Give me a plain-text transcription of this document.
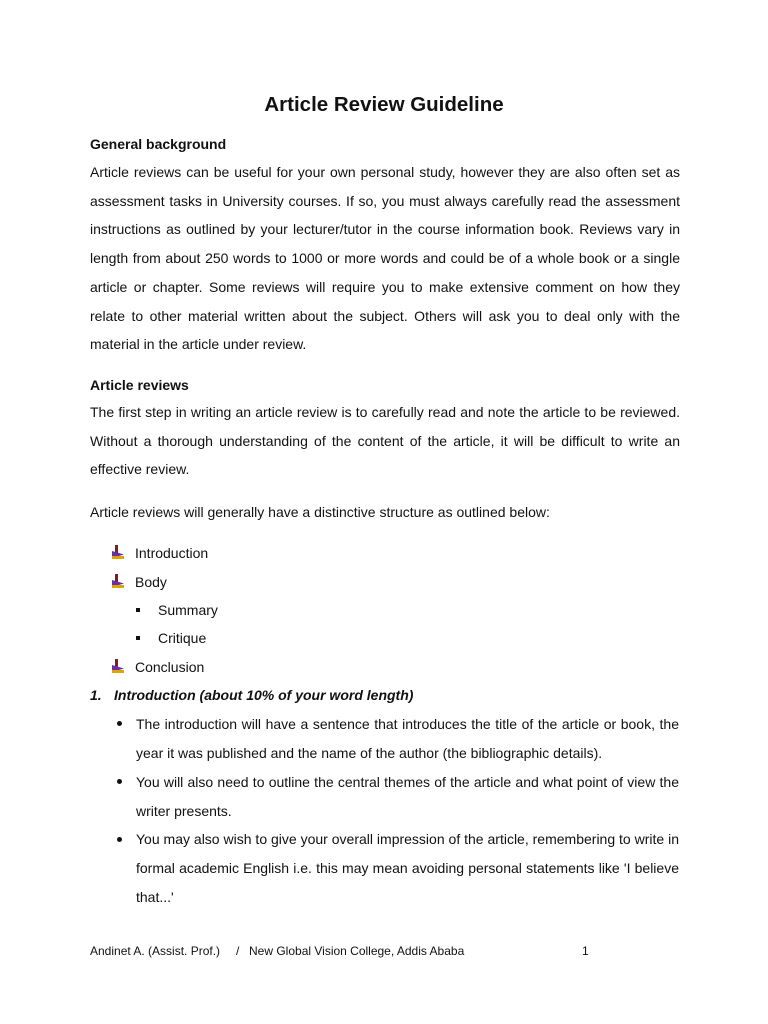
Article Review Guideline
General background
Article reviews can be useful for your own personal study, however they are also often set as assessment tasks in University courses. If so, you must always carefully read the assessment instructions as outlined by your lecturer/tutor in the course information book. Reviews vary in length from about 250 words to 1000 or more words and could be of a whole book or a single article or chapter. Some reviews will require you to make extensive comment on how they relate to other material written about the subject. Others will ask you to deal only with the material in the article under review.
Article reviews
The first step in writing an article review is to carefully read and note the article to be reviewed. Without a thorough understanding of the content of the article, it will be difficult to write an effective review.
Article reviews will generally have a distinctive structure as outlined below:
Introduction
Body
Summary
Critique
Conclusion
1. Introduction (about 10% of your word length)
The introduction will have a sentence that introduces the title of the article or book, the year it was published and the name of the author (the bibliographic details).
You will also need to outline the central themes of the article and what point of view the writer presents.
You may also wish to give your overall impression of the article, remembering to write in formal academic English i.e. this may mean avoiding personal statements like 'I believe that...'
Andinet A. (Assist. Prof.) / New Global Vision College, Addis Ababa	1
